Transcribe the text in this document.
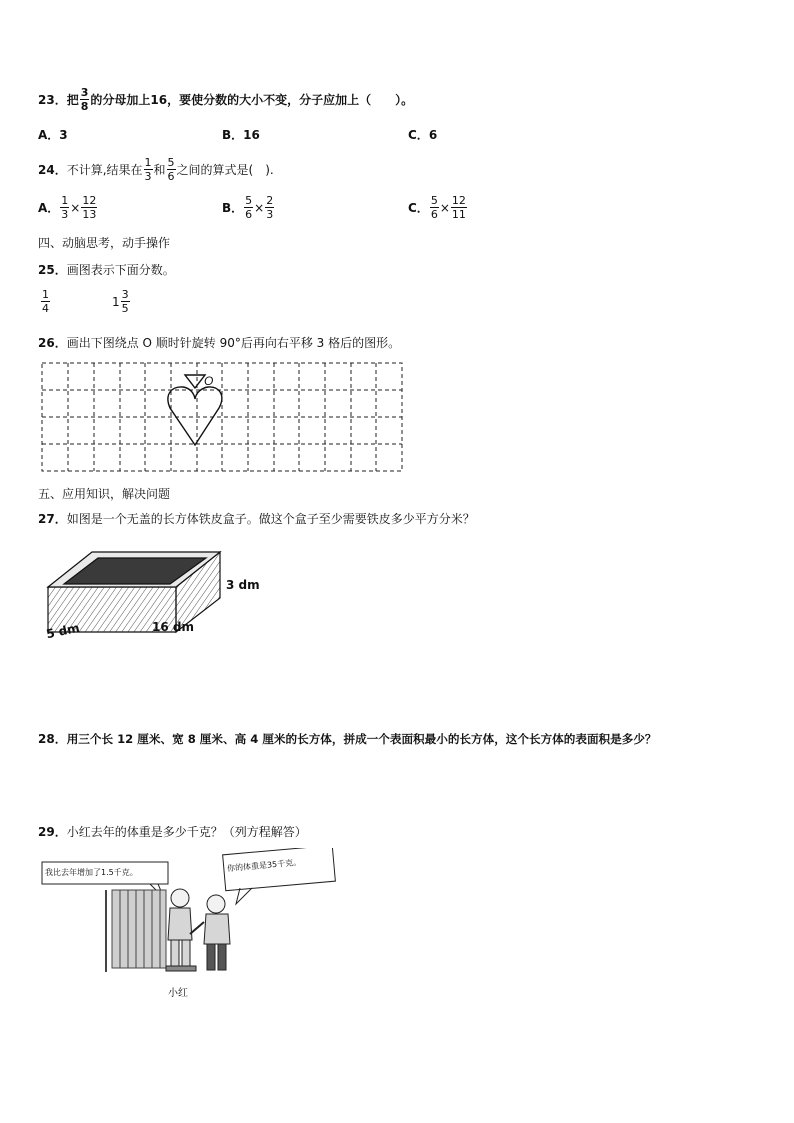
23． 把 $\frac{3}{8}$ 的分母加上16，要使分数的大小不变，分子应加上（　　）。
A．3	B．16	C．6
24． 不计算,结果在 $\frac{1}{3}$ 和 $\frac{5}{6}$ 之间的算式是(　).
A． $\frac{1}{3} \times \frac{12}{13}$	B． $\frac{5}{6} \times \frac{2}{3}$	C． $\frac{5}{6} \times \frac{12}{11}$
四、动脑思考，动手操作
25． 画图表示下面分数。
$\frac{1}{4}$	$1 \frac{3}{5}$
26． 画出下图绕点 O 顺时针旋转 90°后再向右平移 3 格后的图形。
O
五、应用知识，解决问题
27． 如图是一个无盖的长方体铁皮盒子。做这个盒子至少需要铁皮多少平方分米？
3 dm
5 dm	16 dm
28． 用三个长 12 厘米、宽 8 厘米、高 4 厘米的长方体，拼成一个表面积最小的长方体，这个长方体的表面积是多少？
29． 小红去年的体重是多少千克？（列方程解答）
我比去年增加了1.5千克。	你的体重是35千克。
小红
